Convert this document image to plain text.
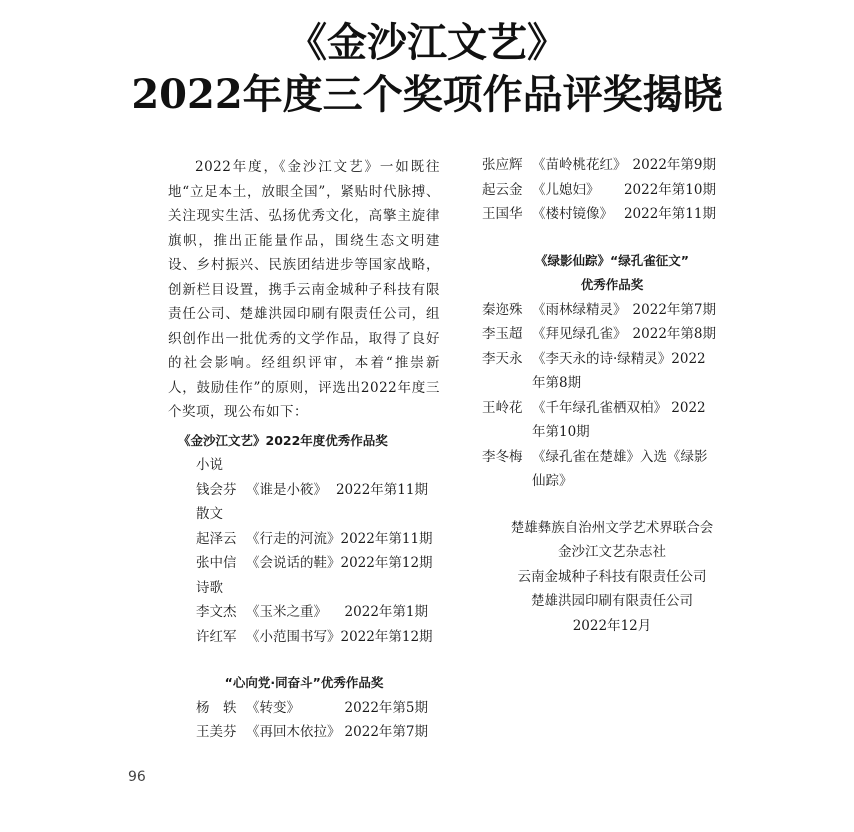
《金沙江文艺》
2022年度三个奖项作品评奖揭晓

2022年度，《金沙江文艺》一如既往地“立足本土，放眼全国”，紧贴时代脉搏、关注现实生活、弘扬优秀文化，高擎主旋律旗帜，推出正能量作品，围绕生态文明建设、乡村振兴、民族团结进步等国家战略，创新栏目设置，携手云南金城种子科技有限责任公司、楚雄洪园印刷有限责任公司，组织创作出一批优秀的文学作品，取得了良好的社会影响。经组织评审，本着“推崇新人，鼓励佳作”的原则，评选出2022年度三个奖项，现公布如下：

《金沙江文艺》2022年度优秀作品奖
小说
钱会芬 《谁是小筱》 2022年第11期
散文
起泽云 《行走的河流》 2022年第11期
张中信 《会说话的鞋》 2022年第12期
诗歌
李文杰 《玉米之重》 2022年第1期
许红军 《小范围书写》 2022年第12期
“心向党·同奋斗”优秀作品奖
杨　轶 《转变》	2022年第5期
王美芬 《再回木依拉》 2022年第7期
张应辉 《苗岭桃花红》 2022年第9期
起云金 《儿媳妇》 2022年第10期
王国华 《楼村镜像》 2022年第11期
《绿影仙踪》“绿孔雀征文”
优秀作品奖
秦迩殊 《雨林绿精灵》 2022年第7期
李玉超 《拜见绿孔雀》 2022年第8期
李天永 《李天永的诗·绿精灵》2022年第8期
王岭花 《千年绿孔雀栖双柏》 2022年第10期
李冬梅 《绿孔雀在楚雄》入选《绿影仙踪》
楚雄彝族自治州文学艺术界联合会
金沙江文艺杂志社
云南金城种子科技有限责任公司
楚雄洪园印刷有限责任公司
2022年12月
96
